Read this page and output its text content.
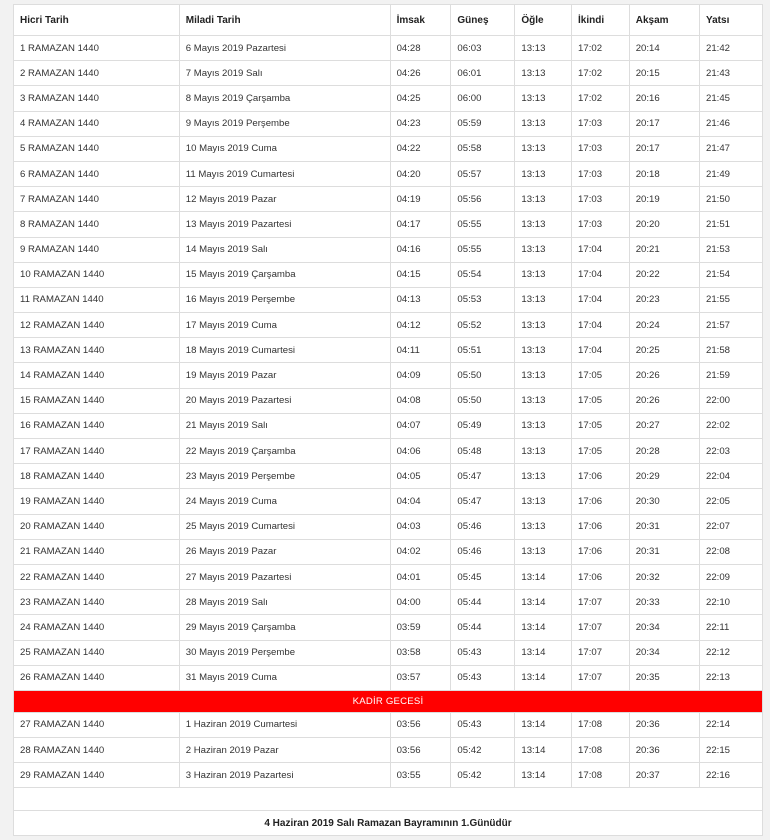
Hicri Tarih	Miladi Tarih	İmsak	Güneş	Öğle	İkindi	Akşam	Yatsı
1 RAMAZAN 1440	6 Mayıs 2019 Pazartesi	04:28	06:03	13:13	17:02	20:14	21:42
2 RAMAZAN 1440	7 Mayıs 2019 Salı	04:26	06:01	13:13	17:02	20:15	21:43
3 RAMAZAN 1440	8 Mayıs 2019 Çarşamba	04:25	06:00	13:13	17:02	20:16	21:45
4 RAMAZAN 1440	9 Mayıs 2019 Perşembe	04:23	05:59	13:13	17:03	20:17	21:46
5 RAMAZAN 1440	10 Mayıs 2019 Cuma	04:22	05:58	13:13	17:03	20:17	21:47
6 RAMAZAN 1440	11 Mayıs 2019 Cumartesi	04:20	05:57	13:13	17:03	20:18	21:49
7 RAMAZAN 1440	12 Mayıs 2019 Pazar	04:19	05:56	13:13	17:03	20:19	21:50
8 RAMAZAN 1440	13 Mayıs 2019 Pazartesi	04:17	05:55	13:13	17:03	20:20	21:51
9 RAMAZAN 1440	14 Mayıs 2019 Salı	04:16	05:55	13:13	17:04	20:21	21:53
10 RAMAZAN 1440	15 Mayıs 2019 Çarşamba	04:15	05:54	13:13	17:04	20:22	21:54
11 RAMAZAN 1440	16 Mayıs 2019 Perşembe	04:13	05:53	13:13	17:04	20:23	21:55
12 RAMAZAN 1440	17 Mayıs 2019 Cuma	04:12	05:52	13:13	17:04	20:24	21:57
13 RAMAZAN 1440	18 Mayıs 2019 Cumartesi	04:11	05:51	13:13	17:04	20:25	21:58
14 RAMAZAN 1440	19 Mayıs 2019 Pazar	04:09	05:50	13:13	17:05	20:26	21:59
15 RAMAZAN 1440	20 Mayıs 2019 Pazartesi	04:08	05:50	13:13	17:05	20:26	22:00
16 RAMAZAN 1440	21 Mayıs 2019 Salı	04:07	05:49	13:13	17:05	20:27	22:02
17 RAMAZAN 1440	22 Mayıs 2019 Çarşamba	04:06	05:48	13:13	17:05	20:28	22:03
18 RAMAZAN 1440	23 Mayıs 2019 Perşembe	04:05	05:47	13:13	17:06	20:29	22:04
19 RAMAZAN 1440	24 Mayıs 2019 Cuma	04:04	05:47	13:13	17:06	20:30	22:05
20 RAMAZAN 1440	25 Mayıs 2019 Cumartesi	04:03	05:46	13:13	17:06	20:31	22:07
21 RAMAZAN 1440	26 Mayıs 2019 Pazar	04:02	05:46	13:13	17:06	20:31	22:08
22 RAMAZAN 1440	27 Mayıs 2019 Pazartesi	04:01	05:45	13:14	17:06	20:32	22:09
23 RAMAZAN 1440	28 Mayıs 2019 Salı	04:00	05:44	13:14	17:07	20:33	22:10
24 RAMAZAN 1440	29 Mayıs 2019 Çarşamba	03:59	05:44	13:14	17:07	20:34	22:11
25 RAMAZAN 1440	30 Mayıs 2019 Perşembe	03:58	05:43	13:14	17:07	20:34	22:12
26 RAMAZAN 1440	31 Mayıs 2019 Cuma	03:57	05:43	13:14	17:07	20:35	22:13
KADİR GECESİ							
27 RAMAZAN 1440	1 Haziran 2019 Cumartesi	03:56	05:43	13:14	17:08	20:36	22:14
28 RAMAZAN 1440	2 Haziran 2019 Pazar	03:56	05:42	13:14	17:08	20:36	22:15
29 RAMAZAN 1440	3 Haziran 2019 Pazartesi	03:55	05:42	13:14	17:08	20:37	22:16

4 Haziran 2019 Salı Ramazan Bayramının 1.Günüdür							
